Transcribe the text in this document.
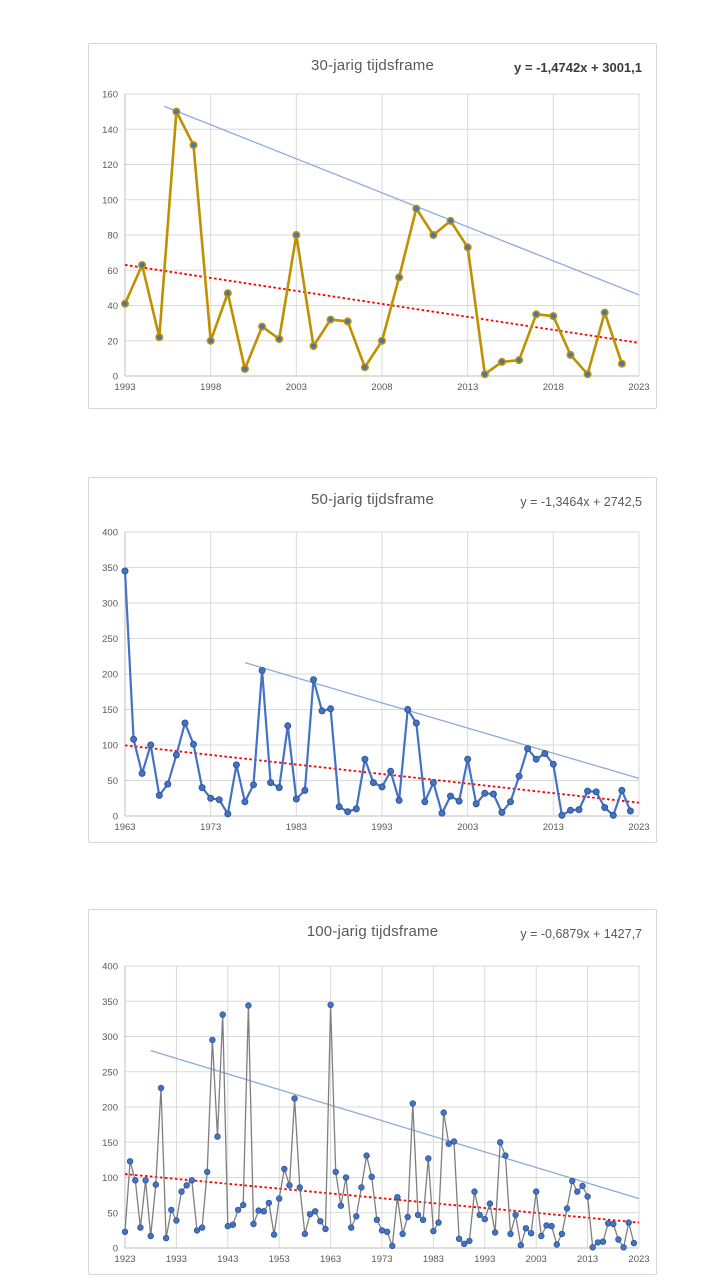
0
20
40
60
80
100
120
140
160
1993	1998	2003	2008	2013	2018	2023
30-jarig tijdsframe	y = -1,4742x + 3001,1
0
50
100
150
200
250
300
350
400
1963	1973	1983	1993	2003	2013	2023
50-jarig tijdsframe	y = -1,3464x + 2742,5
0
50
100
150
200
250
300
350
400
1923	1933	1943	1953	1963	1973	1983	1993	2003	2013	2023
100-jarig tijdsframe	y = -0,6879x + 1427,7
